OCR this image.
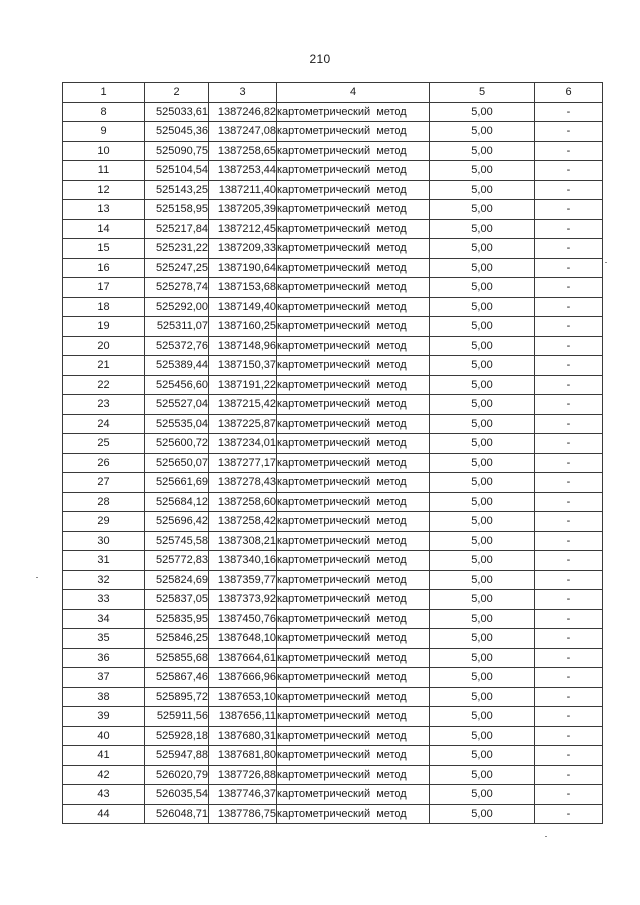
210
1	2	3	4	5	6
8	525033,61	1387246,82	картометрический метод	5,00	-
9	525045,36	1387247,08	картометрический метод	5,00	-
10	525090,75	1387258,65	картометрический метод	5,00	-
11	525104,54	1387253,44	картометрический метод	5,00	-
12	525143,25	1387211,40	картометрический метод	5,00	-
13	525158,95	1387205,39	картометрический метод	5,00	-
14	525217,84	1387212,45	картометрический метод	5,00	-
15	525231,22	1387209,33	картометрический метод	5,00	-
16	525247,25	1387190,64	картометрический метод	5,00	-
17	525278,74	1387153,68	картометрический метод	5,00	-
18	525292,00	1387149,40	картометрический метод	5,00	-
19	525311,07	1387160,25	картометрический метод	5,00	-
20	525372,76	1387148,96	картометрический метод	5,00	-
21	525389,44	1387150,37	картометрический метод	5,00	-
22	525456,60	1387191,22	картометрический метод	5,00	-
23	525527,04	1387215,42	картометрический метод	5,00	-
24	525535,04	1387225,87	картометрический метод	5,00	-
25	525600,72	1387234,01	картометрический метод	5,00	-
26	525650,07	1387277,17	картометрический метод	5,00	-
27	525661,69	1387278,43	картометрический метод	5,00	-
28	525684,12	1387258,60	картометрический метод	5,00	-
29	525696,42	1387258,42	картометрический метод	5,00	-
30	525745,58	1387308,21	картометрический метод	5,00	-
31	525772,83	1387340,16	картометрический метод	5,00	-
32	525824,69	1387359,77	картометрический метод	5,00	-
33	525837,05	1387373,92	картометрический метод	5,00	-
34	525835,95	1387450,76	картометрический метод	5,00	-
35	525846,25	1387648,10	картометрический метод	5,00	-
36	525855,68	1387664,61	картометрический метод	5,00	-
37	525867,46	1387666,96	картометрический метод	5,00	-
38	525895,72	1387653,10	картометрический метод	5,00	-
39	525911,56	1387656,11	картометрический метод	5,00	-
40	525928,18	1387680,31	картометрический метод	5,00	-
41	525947,88	1387681,80	картометрический метод	5,00	-
42	526020,79	1387726,88	картометрический метод	5,00	-
43	526035,54	1387746,37	картометрический метод	5,00	-
44	526048,71	1387786,75	картометрический метод	5,00	-
